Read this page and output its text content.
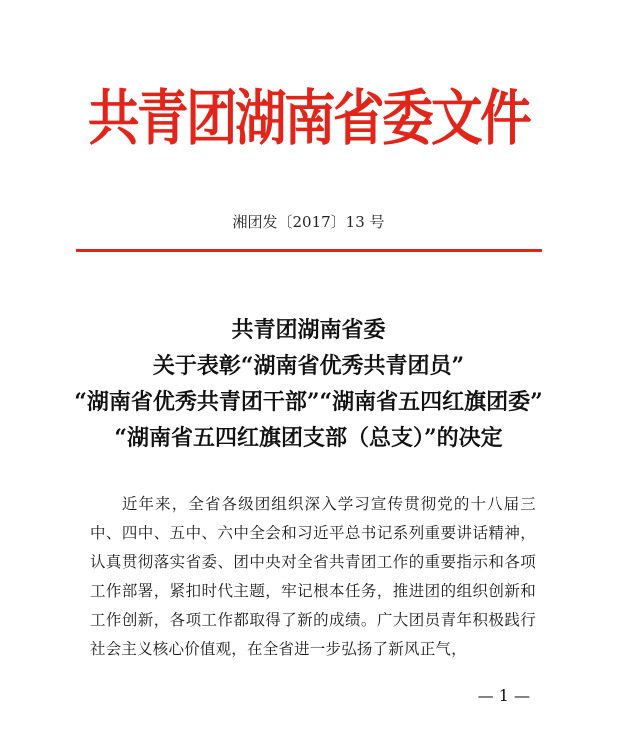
共青团湖南省委文件
湘团发〔2017〕13 号
共青团湖南省委
关于表彰“湖南省优秀共青团员”
“湖南省优秀共青团干部”“湖南省五四红旗团委”
“湖南省五四红旗团支部（总支）”的决定
近年来，全省各级团组织深入学习宣传贯彻党的十八届三中、四中、五中、六中全会和习近平总书记系列重要讲话精神，认真贯彻落实省委、团中央对全省共青团工作的重要指示和各项工作部署，紧扣时代主题，牢记根本任务，推进团的组织创新和工作创新，各项工作都取得了新的成绩。广大团员青年积极践行社会主义核心价值观，在全省进一步弘扬了新风正气，
— 1 —
